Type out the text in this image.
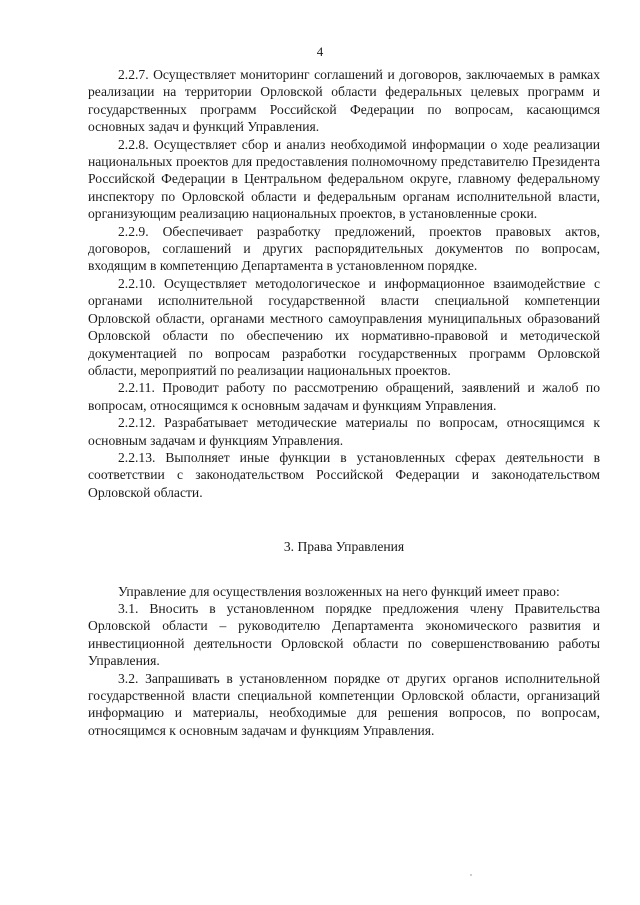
4

2.2.7. Осуществляет мониторинг соглашений и договоров, заключаемых в рамках реализации на территории Орловской области федеральных целевых программ и государственных программ Российской Федерации по вопросам, касающимся основных задач и функций Управления.

2.2.8. Осуществляет сбор и анализ необходимой информации о ходе реализации национальных проектов для предоставления полномочному представителю Президента Российской Федерации в Центральном федеральном округе, главному федеральному инспектору по Орловской области и федеральным органам исполнительной власти, организующим реализацию национальных проектов, в установленные сроки.

2.2.9. Обеспечивает разработку предложений, проектов правовых актов, договоров, соглашений и других распорядительных документов по вопросам, входящим в компетенцию Департамента в установленном порядке.

2.2.10. Осуществляет методологическое и информационное взаимодействие с органами исполнительной государственной власти специальной компетенции Орловской области, органами местного самоуправления муниципальных образований Орловской области по обеспечению их нормативно-правовой и методической документацией по вопросам разработки государственных программ Орловской области, мероприятий по реализации национальных проектов.

2.2.11. Проводит работу по рассмотрению обращений, заявлений и жалоб по вопросам, относящимся к основным задачам и функциям Управления.

2.2.12. Разрабатывает методические материалы по вопросам, относящимся к основным задачам и функциям Управления.

2.2.13. Выполняет иные функции в установленных сферах деятельности в соответствии с законодательством Российской Федерации и законодательством Орловской области.

3. Права Управления

Управление для осуществления возложенных на него функций имеет право:

3.1. Вносить в установленном порядке предложения члену Правительства Орловской области – руководителю Департамента экономического развития и инвестиционной деятельности Орловской области по совершенствованию работы Управления.

3.2. Запрашивать в установленном порядке от других органов исполнительной государственной власти специальной компетенции Орловской области, организаций информацию и материалы, необходимые для решения вопросов, по вопросам, относящимся к основным задачам и функциям Управления.
